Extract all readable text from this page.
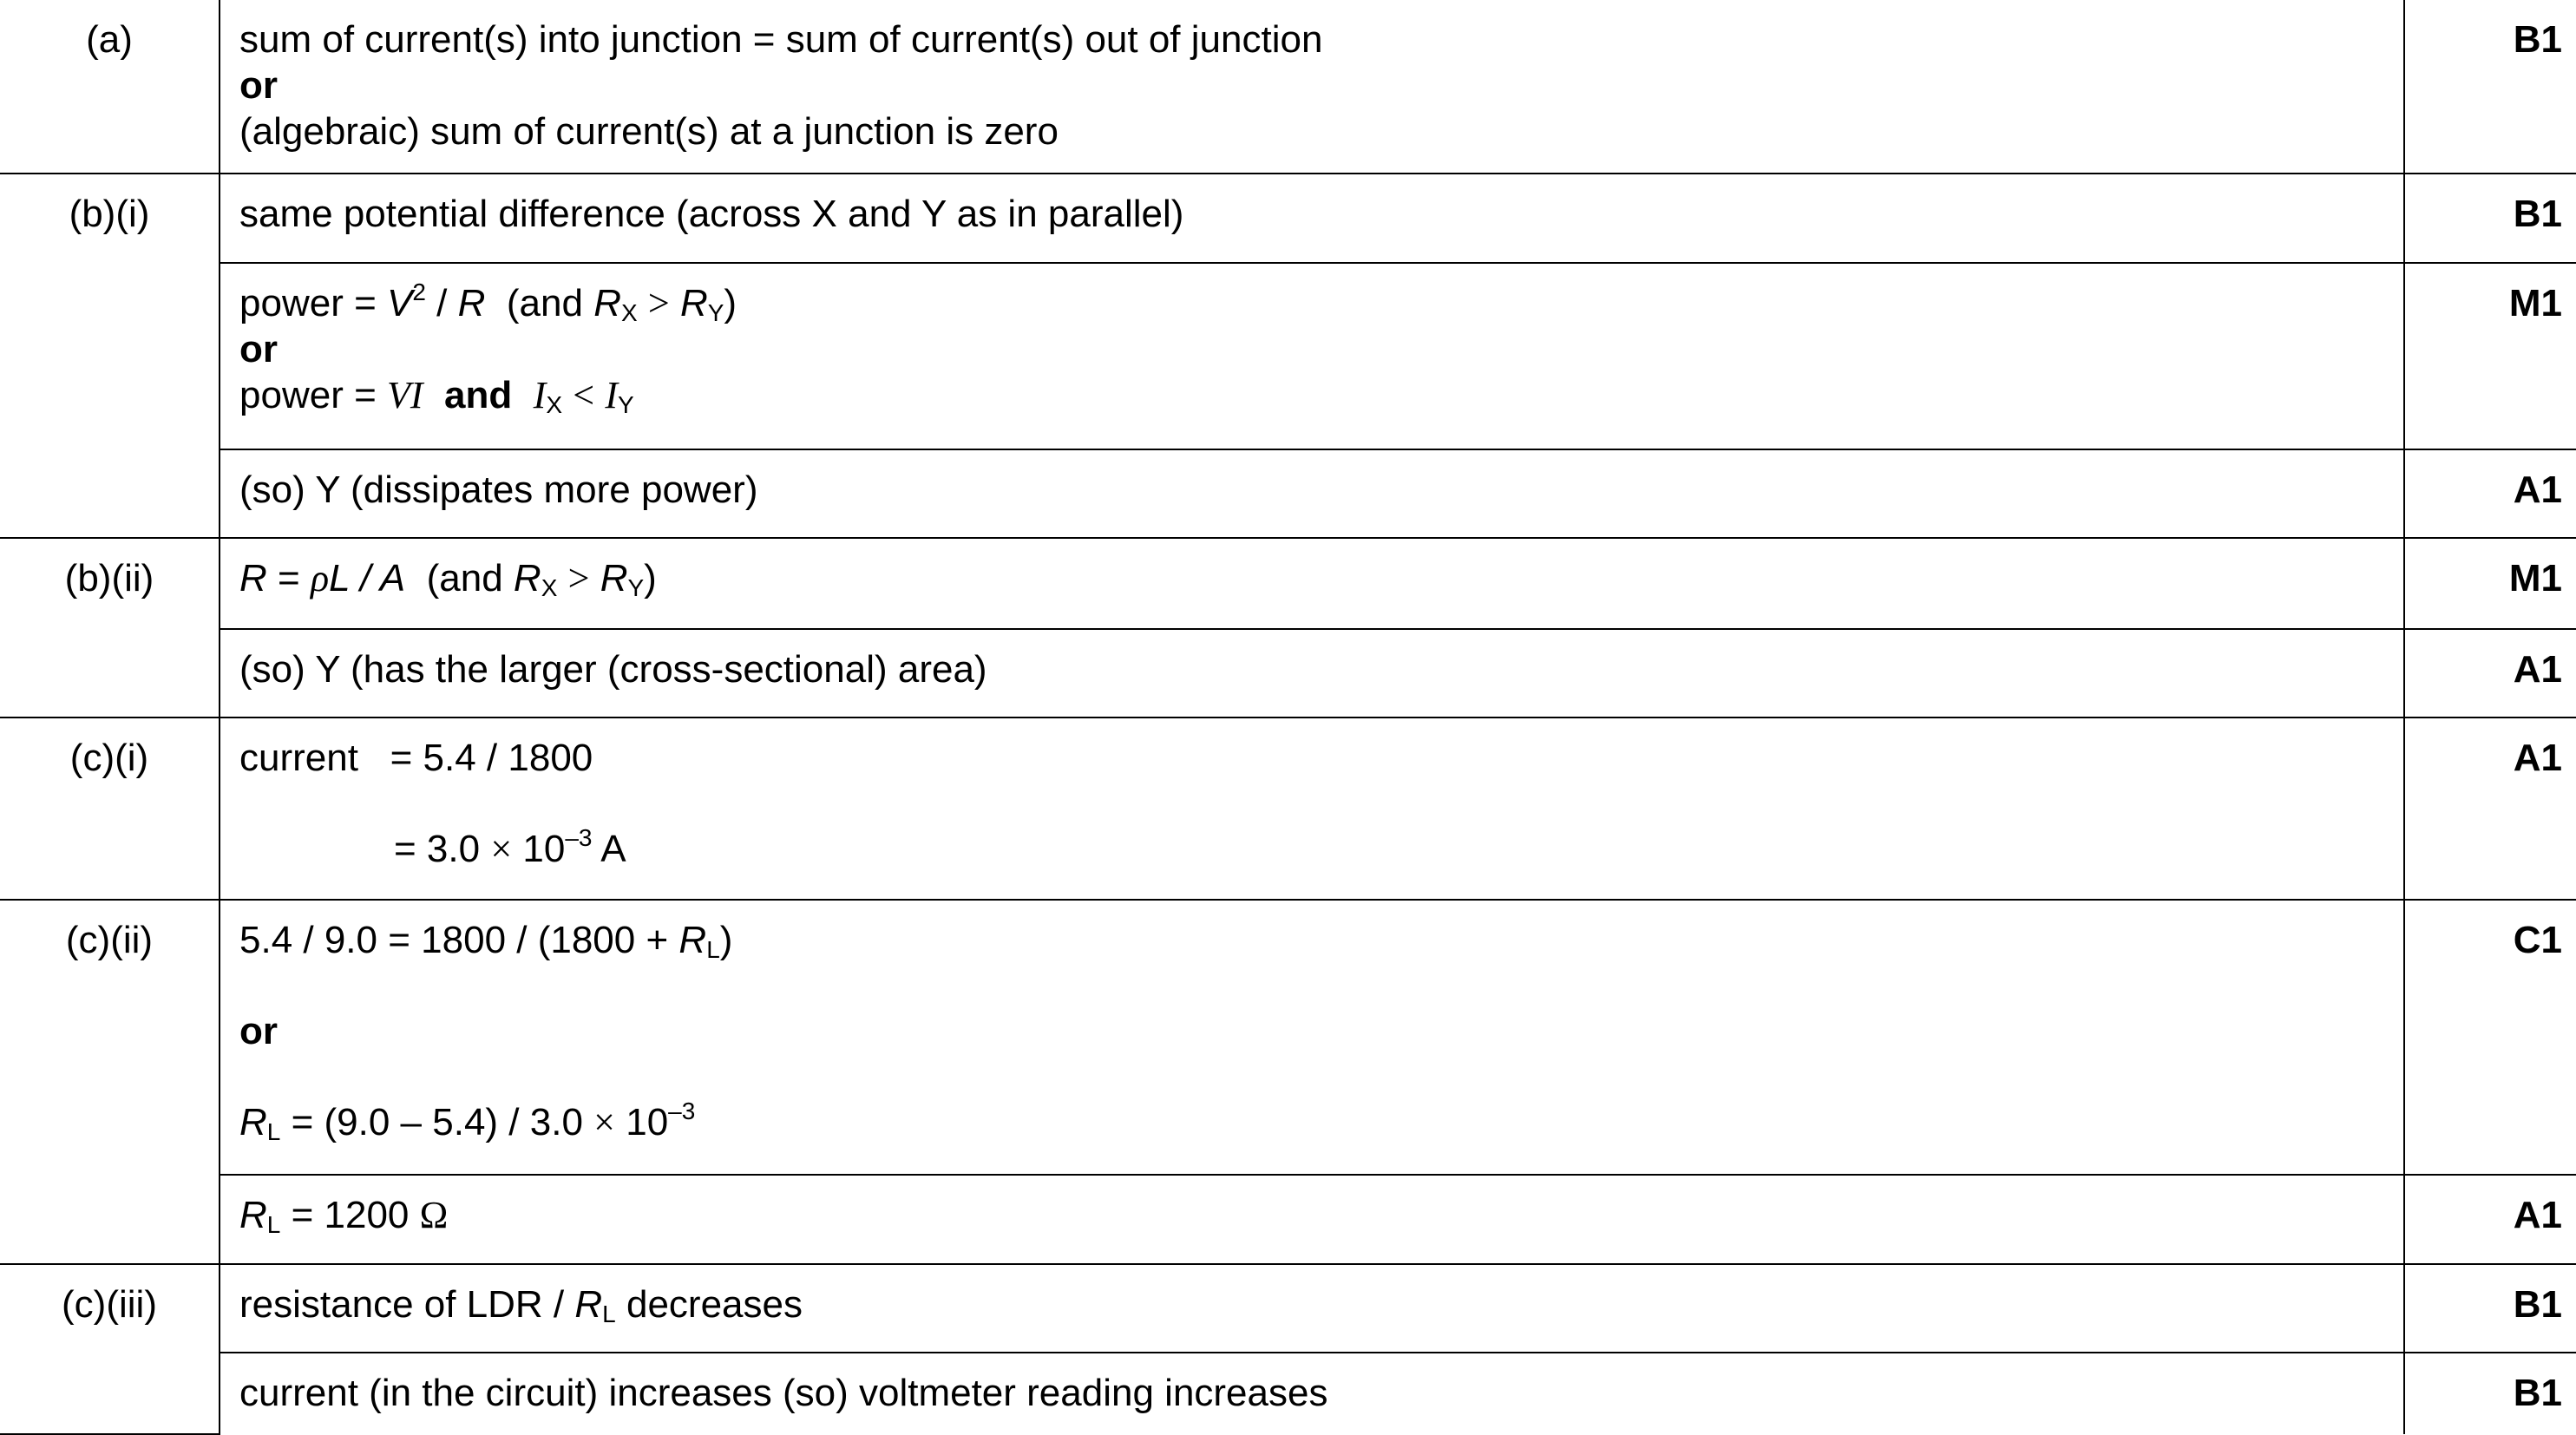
(a)	sum of current(s) into junction = sum of current(s) out of junction
or
(algebraic) sum of current(s) at a junction is zero	B1
(b)(i)	same potential difference (across X and Y as in parallel)	B1

	power = $V^2$ / R (and $R_X > R_Y$)
or
power = VI and $I_X < I_Y$	M1

	(so) Y (dissipates more power)	A1
(b)(ii)	R = ρL / A (and $R_X > R_Y$)	M1

	(so) Y (has the larger (cross-sectional) area)	A1
(c)(i)	current   = 5.4 / 1800
= $3.0 \times 10^{-3}$ A	A1
(c)(ii)	$5.4 / 9.0 = 1800 / (1800 + R_L)$
or
$R_L = (9.0 - 5.4) / 3.0 \times 10^{-3}$	C1

	$R_L = 1200$ Ω	A1
(c)(iii)	resistance of LDR / $R_L$ decreases	B1

	current (in the circuit) increases (so) voltmeter reading increases	B1
